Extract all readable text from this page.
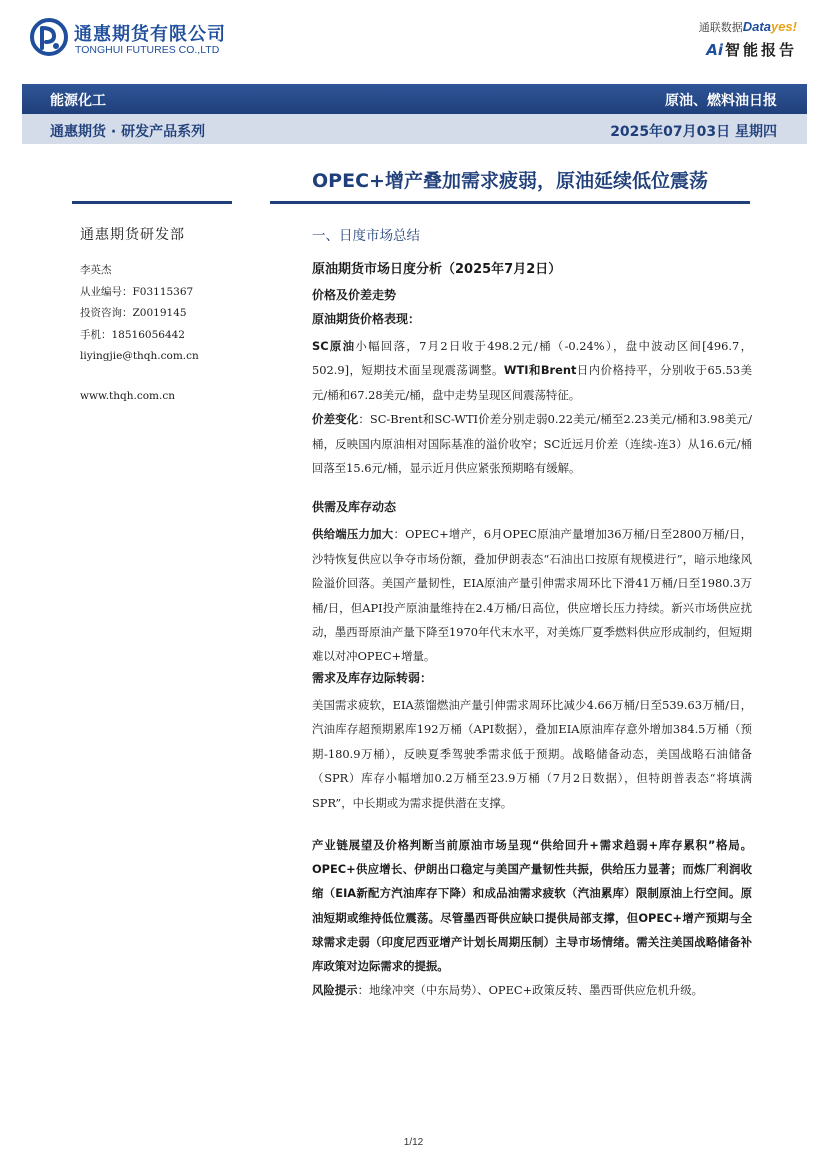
通惠期货有限公司
TONGHUI FUTURES CO.,LTD
通联数据Datayes!
Ai 智能报告
能源化工	原油、燃料油日报
通惠期货 · 研发产品系列	2025年07月03日 星期四
OPEC+增产叠加需求疲弱，原油延续低位震荡
通惠期货研发部
李英杰
从业编号：F03115367
投资咨询：Z0019145
手机：18516056442
liyingjie@thqh.com.cn
www.thqh.com.cn
一、日度市场总结
原油期货市场日度分析（2025年7月2日）
价格及价差走势
原油期货价格表现：

SC原油小幅回落，7月2日收于498.2元/桶（-0.24%），盘中波动区间[496.7，502.9]，短期技术面呈现震荡调整。WTI和Brent日内价格持平，分别收于65.53美元/桶和67.28美元/桶，盘中走势呈现区间震荡特征。

价差变化：SC-Brent和SC-WTI价差分别走弱0.22美元/桶至2.23美元/桶和3.98美元/桶，反映国内原油相对国际基准的溢价收窄；SC近远月价差（连续-连3）从16.6元/桶回落至15.6元/桶，显示近月供应紧张预期略有缓解。

供需及库存动态

供给端压力加大：OPEC+增产，6月OPEC原油产量增加36万桶/日至2800万桶/日，沙特恢复供应以争夺市场份额，叠加伊朗表态“石油出口按原有规模进行”，暗示地缘风险溢价回落。美国产量韧性，EIA原油产量引伸需求周环比下滑41万桶/日至1980.3万桶/日，但API投产原油量维持在2.4万桶/日高位，供应增长压力持续。新兴市场供应扰动，墨西哥原油产量下降至1970年代末水平，对美炼厂夏季燃料供应形成制约，但短期难以对冲OPEC+增量。

需求及库存边际转弱：

美国需求疲软，EIA蒸馏燃油产量引伸需求周环比减少4.66万桶/日至539.63万桶/日，汽油库存超预期累库192万桶（API数据），叠加EIA原油库存意外增加384.5万桶（预期-180.9万桶），反映夏季驾驶季需求低于预期。战略储备动态，美国战略石油储备（SPR）库存小幅增加0.2万桶至23.9万桶（7月2日数据），但特朗普表态“将填满SPR”，中长期或为需求提供潜在支撑。

产业链展望及价格判断当前原油市场呈现“供给回升+需求趋弱+库存累积”格局。OPEC+供应增长、伊朗出口稳定与美国产量韧性共振，供给压力显著；而炼厂利润收缩（EIA新配方汽油库存下降）和成品油需求疲软（汽油累库）限制原油上行空间。原油短期或维持低位震荡。尽管墨西哥供应缺口提供局部支撑，但OPEC+增产预期与全球需求走弱（印度尼西亚增产计划长周期压制）主导市场情绪。需关注美国战略储备补库政策对边际需求的提振。

风险提示：地缘冲突（中东局势）、OPEC+政策反转、墨西哥供应危机升级。

1/12
